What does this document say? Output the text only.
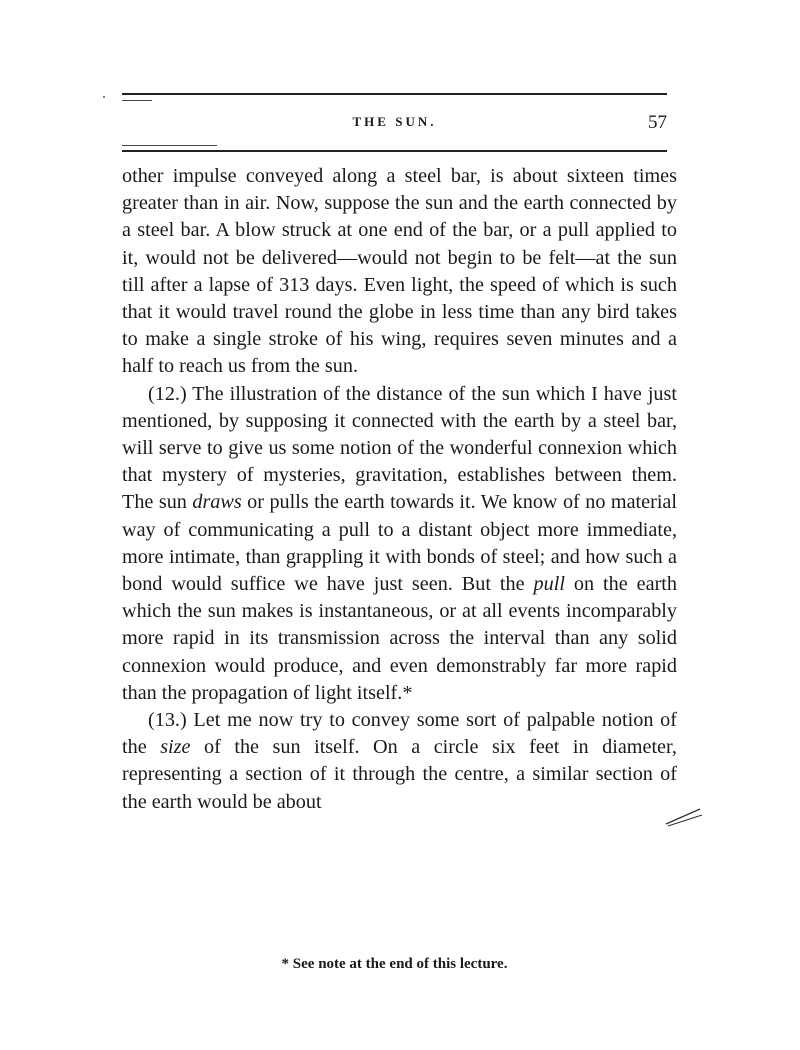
THE SUN.	57

other impulse conveyed along a steel bar, is about sixteen times greater than in air. Now, suppose the sun and the earth connected by a steel bar. A blow struck at one end of the bar, or a pull applied to it, would not be delivered—would not begin to be felt—at the sun till after a lapse of 313 days. Even light, the speed of which is such that it would travel round the globe in less time than any bird takes to make a single stroke of his wing, requires seven minutes and a half to reach us from the sun.

(12.) The illustration of the distance of the sun which I have just mentioned, by supposing it connected with the earth by a steel bar, will serve to give us some notion of the wonderful connexion which that mystery of mysteries, gravitation, establishes between them. The sun draws or pulls the earth towards it. We know of no material way of communicating a pull to a distant object more immediate, more intimate, than grappling it with bonds of steel; and how such a bond would suffice we have just seen. But the pull on the earth which the sun makes is instantaneous, or at all events incomparably more rapid in its transmission across the interval than any solid connexion would produce, and even demonstrably far more rapid than the propagation of light itself.*

(13.) Let me now try to convey some sort of palpable notion of the size of the sun itself. On a circle six feet in diameter, representing a section of it through the centre, a similar section of the earth would be about

* See note at the end of this lecture.
